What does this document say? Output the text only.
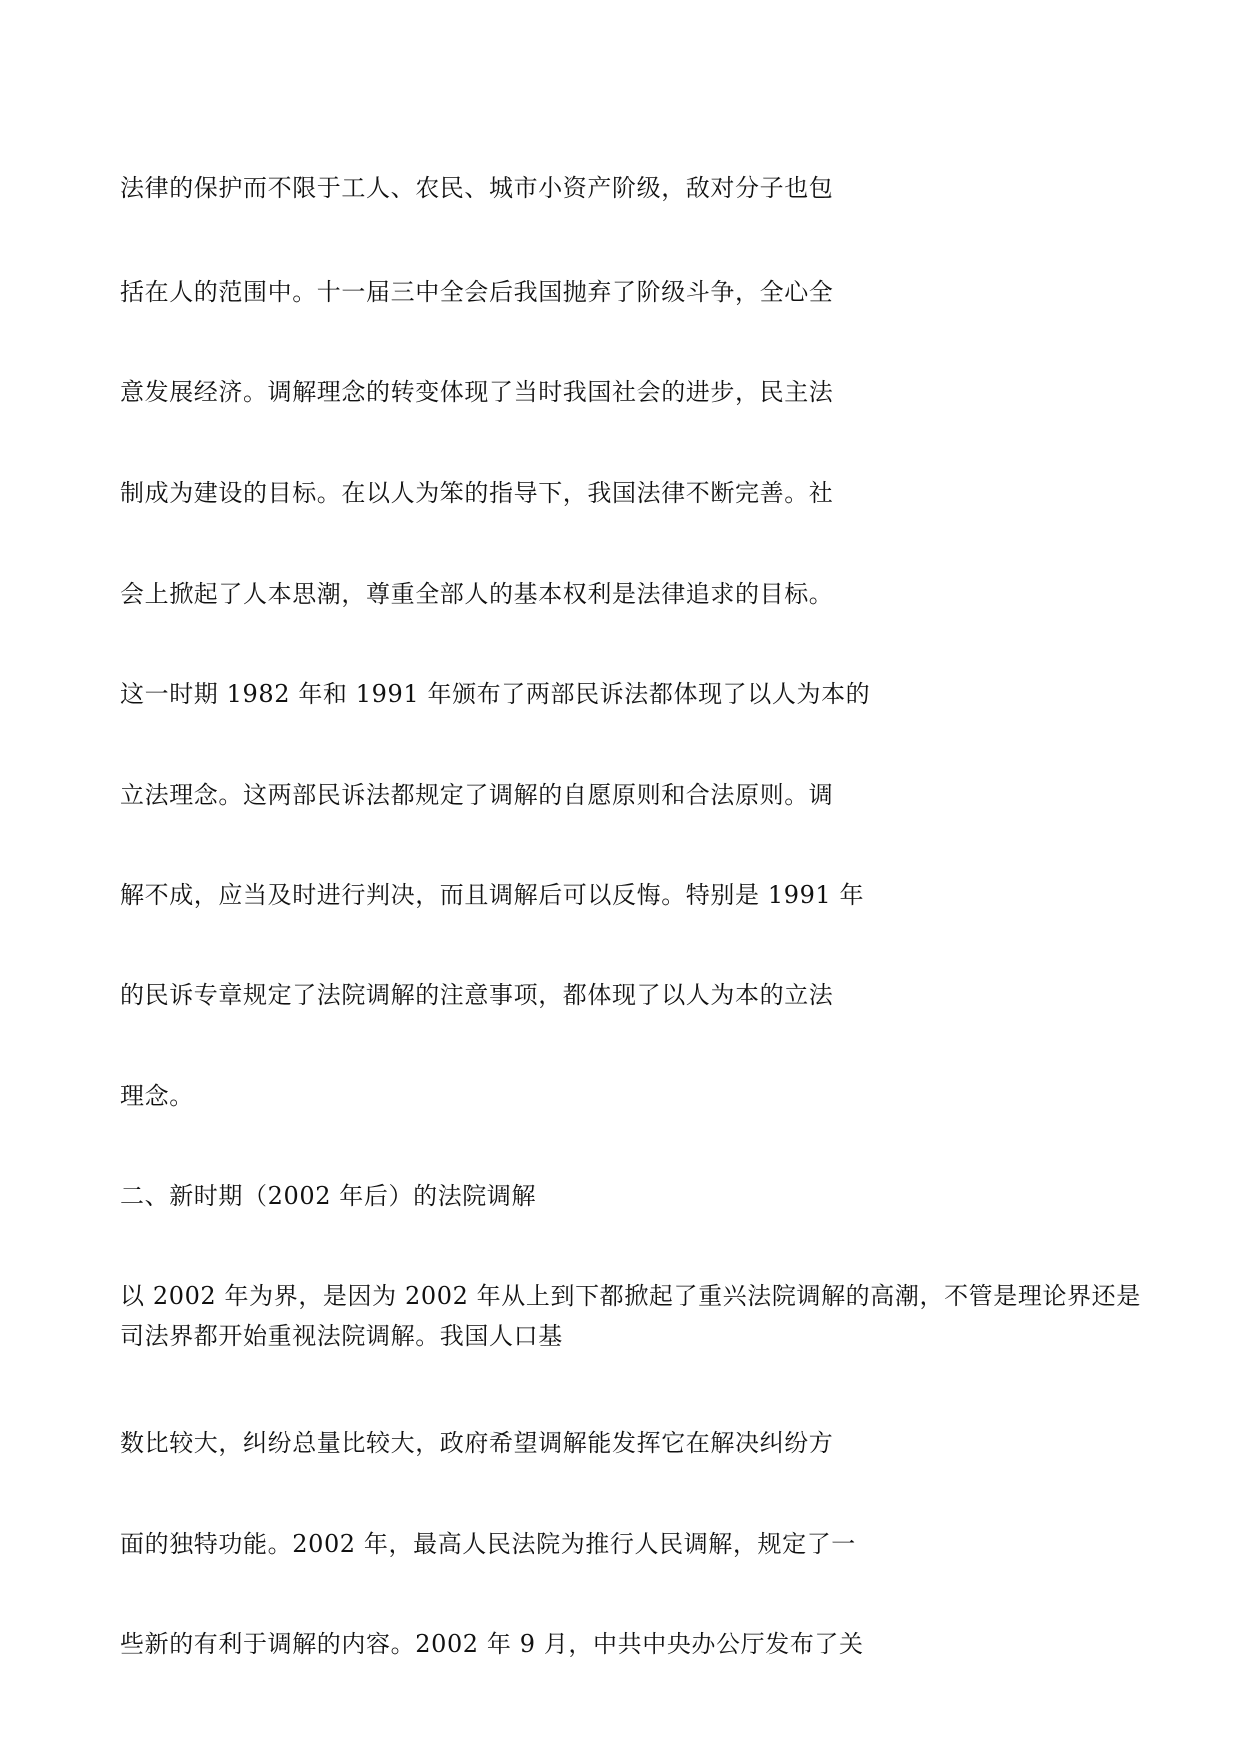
法律的保护而不限于工人、农民、城市小资产阶级，敌对分子也包

括在人的范围中。十一届三中全会后我国抛弃了阶级斗争，全心全

意发展经济。调解理念的转变体现了当时我国社会的进步，民主法

制成为建设的目标。在以人为笨的指导下，我国法律不断完善。社

会上掀起了人本思潮，尊重全部人的基本权利是法律追求的目标。

这一时期 1982 年和 1991 年颁布了两部民诉法都体现了以人为本的

立法理念。这两部民诉法都规定了调解的自愿原则和合法原则。调

解不成，应当及时进行判决，而且调解后可以反悔。特别是 1991 年

的民诉专章规定了法院调解的注意事项，都体现了以人为本的立法

理念。

二、新时期（2002 年后）的法院调解

以 2002 年为界，是因为 2002 年从上到下都掀起了重兴法院调解的高潮，不管是理论界还是
司法界都开始重视法院调解。我国人口基

数比较大，纠纷总量比较大，政府希望调解能发挥它在解决纠纷方

面的独特功能。2002 年，最高人民法院为推行人民调解，规定了一

些新的有利于调解的内容。2002 年 9 月，中共中央办公厅发布了关
